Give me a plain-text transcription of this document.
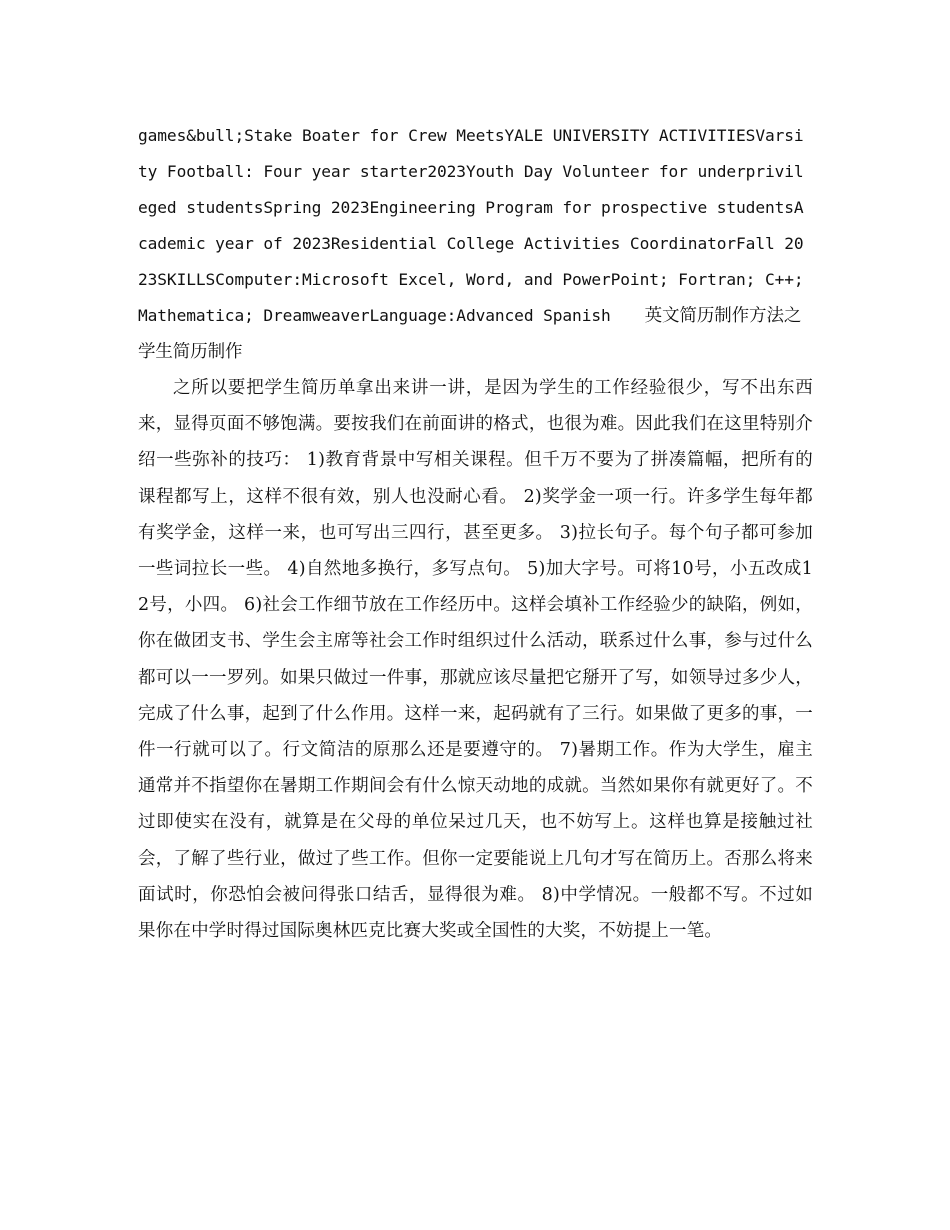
games&bull;Stake Boater for Crew MeetsYALE UNIVERSITY ACTIVITIESVarsity Football: Four year starter2023Youth Day Volunteer for underprivileged studentsSpring 2023Engineering Program for prospective studentsAcademic year of 2023Residential College Activities CoordinatorFall 2023SKILLSComputer:Microsoft Excel, Word, and PowerPoint; Fortran; C++; Mathematica; DreamweaverLanguage:Advanced Spanish 英文简历制作方法之学生简历制作
之所以要把学生简历单拿出来讲一讲，是因为学生的工作经验很少，写不出东西来，显得页面不够饱满。要按我们在前面讲的格式，也很为难。因此我们在这里特别介绍一些弥补的技巧： 1)教育背景中写相关课程。但千万不要为了拼凑篇幅，把所有的课程都写上，这样不很有效，别人也没耐心看。 2)奖学金一项一行。许多学生每年都有奖学金，这样一来，也可写出三四行，甚至更多。 3)拉长句子。每个句子都可参加一些词拉长一些。 4)自然地多换行，多写点句。 5)加大字号。可将10号，小五改成12号，小四。 6)社会工作细节放在工作经历中。这样会填补工作经验少的缺陷，例如，你在做团支书、学生会主席等社会工作时组织过什么活动，联系过什么事，参与过什么都可以一一罗列。如果只做过一件事，那就应该尽量把它掰开了写，如领导过多少人，完成了什么事，起到了什么作用。这样一来，起码就有了三行。如果做了更多的事，一件一行就可以了。行文简洁的原那么还是要遵守的。 7)暑期工作。作为大学生，雇主通常并不指望你在暑期工作期间会有什么惊天动地的成就。当然如果你有就更好了。不过即使实在没有，就算是在父母的单位呆过几天，也不妨写上。这样也算是接触过社会，了解了些行业，做过了些工作。但你一定要能说上几句才写在简历上。否那么将来面试时，你恐怕会被问得张口结舌，显得很为难。 8)中学情况。一般都不写。不过如果你在中学时得过国际奥林匹克比赛大奖或全国性的大奖，不妨提上一笔。
